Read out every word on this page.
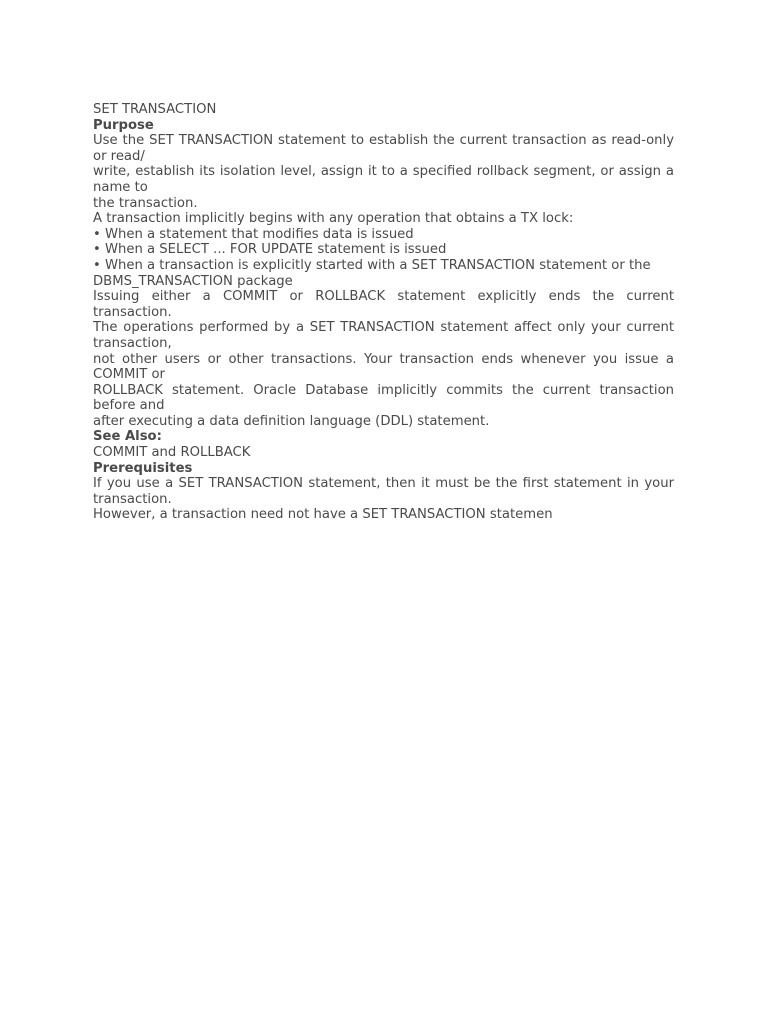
SET TRANSACTION
Purpose
Use the SET TRANSACTION statement to establish the current transaction as read-only or read/
write, establish its isolation level, assign it to a specified rollback segment, or assign a name to
the transaction.
A transaction implicitly begins with any operation that obtains a TX lock:
• When a statement that modifies data is issued
• When a SELECT ... FOR UPDATE statement is issued
• When a transaction is explicitly started with a SET TRANSACTION statement or the
DBMS_TRANSACTION package
Issuing either a COMMIT or ROLLBACK statement explicitly ends the current transaction.
The operations performed by a SET TRANSACTION statement affect only your current transaction,
not other users or other transactions. Your transaction ends whenever you issue a COMMIT or
ROLLBACK statement. Oracle Database implicitly commits the current transaction before and
after executing a data definition language (DDL) statement.
See Also:
COMMIT and ROLLBACK
Prerequisites
If you use a SET TRANSACTION statement, then it must be the first statement in your transaction.
However, a transaction need not have a SET TRANSACTION statemen
